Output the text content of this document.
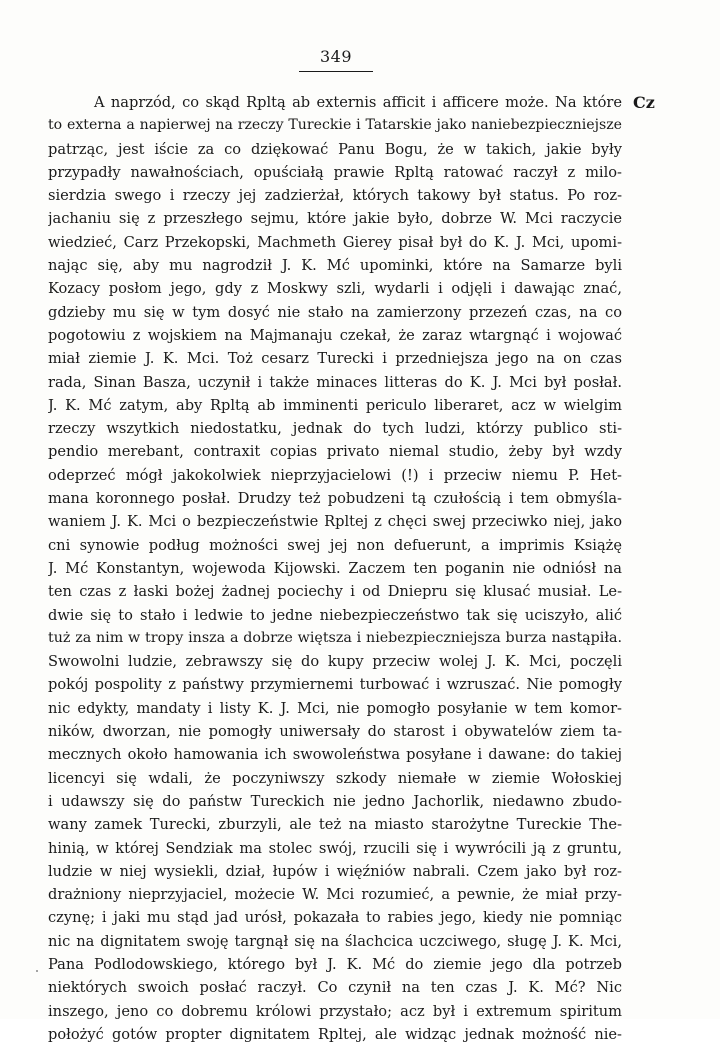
349
Cz
A naprzód, co skąd Rpltą ab externis afficit i afficere może. Na które
to externa a napierwej na rzeczy Tureckie i Tatarskie jako naniebezpieczniejsze
patrząc, jest iście za co dziękować Panu Bogu, że w takich, jakie były
przypadły nawałnościach, opuściałą prawie Rpltą ratować raczył z milo-
sierdzia swego i rzeczy jej zadzierżał, których takowy był status. Po roz-
jachaniu się z przeszłego sejmu, które jakie było, dobrze W. Mci raczycie
wiedzieć, Carz Przekopski, Machmeth Gierey pisał był do K. J. Mci, upomi-
nając się, aby mu nagrodził J. K. Mć upominki, które na Samarze byli
Kozacy posłom jego, gdy z Moskwy szli, wydarli i odjęli i dawając znać,
gdzieby mu się w tym dosyć nie stało na zamierzony przezeń czas, na co
pogotowiu z wojskiem na Majmanaju czekał, że zaraz wtargnąć i wojować
miał ziemie J. K. Mci. Toż cesarz Turecki i przedniejsza jego na on czas
rada, Sinan Basza, uczynił i także minaces litteras do K. J. Mci był posłał.
J. K. Mć zatym, aby Rpltą ab imminenti periculo liberaret, acz w wielgim
rzeczy wszytkich niedostatku, jednak do tych ludzi, którzy publico sti-
pendio merebant, contraxit copias privato niemal studio, żeby był wzdy
odeprzeć mógł jakokolwiek nieprzyjacielowi (!) i przeciw niemu P. Het-
mana koronnego posłał. Drudzy też pobudzeni tą czułością i tem obmyśla-
waniem J. K. Mci o bezpieczeństwie Rpltej z chęci swej przeciwko niej, jako
cni synowie podług możności swej jej non defuerunt, a imprimis Książę
J. Mć Konstantyn, wojewoda Kijowski. Zaczem ten poganin nie odniósł na
ten czas z łaski bożej żadnej pociechy i od Dniepru się klusać musiał. Le-
dwie się to stało i ledwie to jedne niebezpieczeństwo tak się uciszyło, alić
tuż za nim w tropy insza a dobrze więtsza i niebezpieczniejsza burza nastąpiła.
Swowolni ludzie, zebrawszy się do kupy przeciw wolej J. K. Mci, poczęli
pokój pospolity z państwy przymiernemi turbować i wzruszać. Nie pomogły
nic edykty, mandaty i listy K. J. Mci, nie pomogło posyłanie w tem komor-
ników, dworzan, nie pomogły uniwersały do starost i obywatelów ziem ta-
mecznych około hamowania ich swowoleństwa posyłane i dawane: do takiej
licencyi się wdali, że poczyniwszy szkody niemałe w ziemie Wołoskiej
i udawszy się do państw Tureckich nie jedno Jachorlik, niedawno zbudo-
wany zamek Turecki, zburzyli, ale też na miasto starożytne Tureckie The-
hinią, w której Sendziak ma stolec swój, rzucili się i wywrócili ją z gruntu,
ludzie w niej wysiekli, dział, łupów i więźniów nabrali. Czem jako był roz-
drażniony nieprzyjaciel, możecie W. Mci rozumieć, a pewnie, że miał przy-
czynę; i jaki mu stąd jad urósł, pokazała to rabies jego, kiedy nie pomniąc
nic na dignitatem swoję targnął się na ślachcica uczciwego, sługę J. K. Mci,
Pana Podlodowskiego, którego był J. K. Mć do ziemie jego dla potrzeb
niektórych swoich posłać raczył. Co czynił na ten czas J. K. Mć? Nic
inszego, jeno co dobremu królowi przystało; acz był i extremum spiritum
położyć gotów propter dignitatem Rpltej, ale widząc jednak możność nie-
